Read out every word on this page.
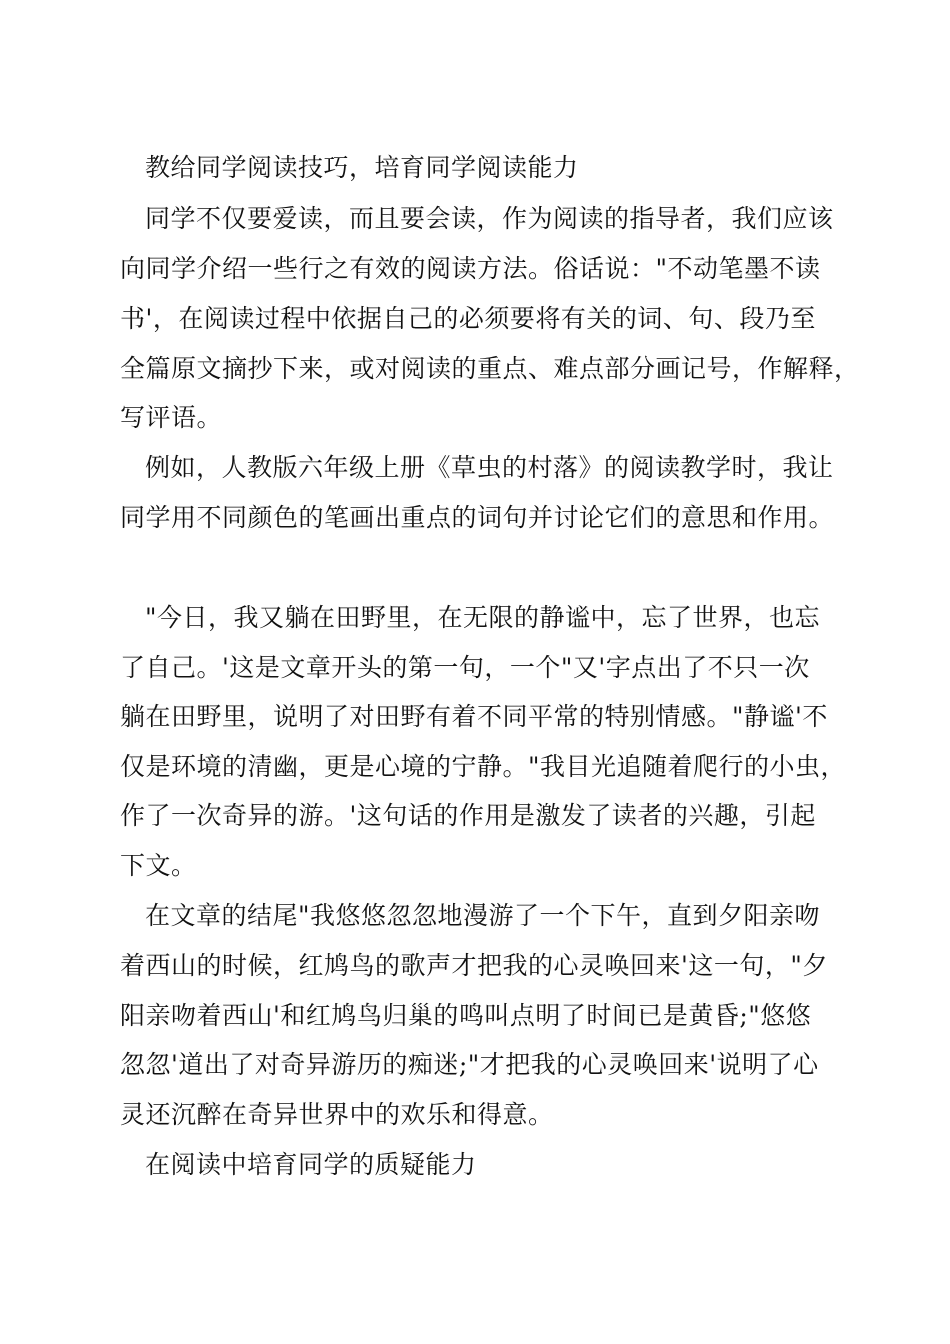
教给同学阅读技巧，培育同学阅读能力
同学不仅要爱读，而且要会读，作为阅读的指导者，我们应该
向同学介绍一些行之有效的阅读方法。俗话说："不动笔墨不读
书'，在阅读过程中依据自己的必须要将有关的词、句、段乃至
全篇原文摘抄下来，或对阅读的重点、难点部分画记号，作解释，
写评语。
例如，人教版六年级上册《草虫的村落》的阅读教学时，我让
同学用不同颜色的笔画出重点的词句并讨论它们的意思和作用。
"今日，我又躺在田野里，在无限的静谧中，忘了世界，也忘
了自己。'这是文章开头的第一句，一个"又'字点出了不只一次
躺在田野里，说明了对田野有着不同平常的特别情感。"静谧'不
仅是环境的清幽，更是心境的宁静。"我目光追随着爬行的小虫，
作了一次奇异的游。'这句话的作用是激发了读者的兴趣，引起
下文。
在文章的结尾"我悠悠忽忽地漫游了一个下午，直到夕阳亲吻
着西山的时候，红鸠鸟的歌声才把我的心灵唤回来'这一句，"夕
阳亲吻着西山'和红鸠鸟归巢的鸣叫点明了时间已是黄昏;"悠悠
忽忽'道出了对奇异游历的痴迷;"才把我的心灵唤回来'说明了心
灵还沉醉在奇异世界中的欢乐和得意。
在阅读中培育同学的质疑能力
